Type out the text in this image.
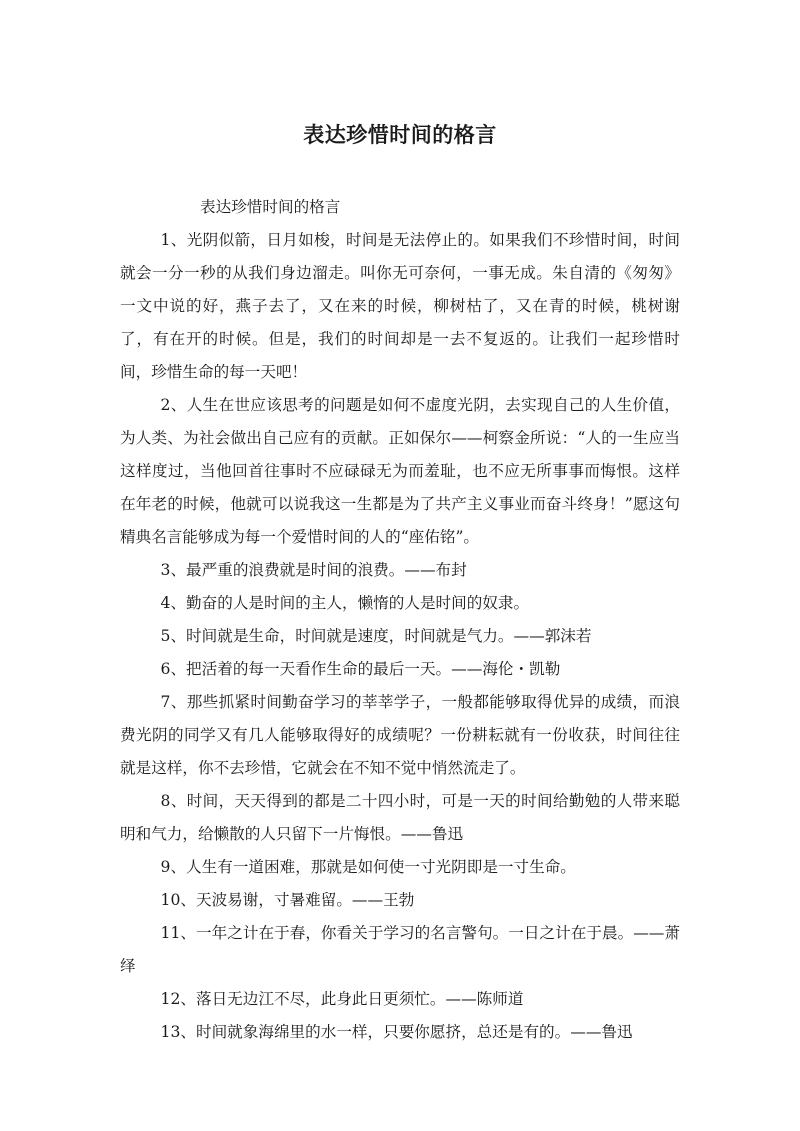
表达珍惜时间的格言

表达珍惜时间的格言

1、光阴似箭，日月如梭，时间是无法停止的。如果我们不珍惜时间，时间就会一分一秒的从我们身边溜走。叫你无可奈何，一事无成。朱自清的《匆匆》一文中说的好，燕子去了，又在来的时候，柳树枯了，又在青的时候，桃树谢了，有在开的时候。但是，我们的时间却是一去不复返的。让我们一起珍惜时间，珍惜生命的每一天吧！

2、人生在世应该思考的问题是如何不虚度光阴，去实现自己的人生价值，为人类、为社会做出自己应有的贡献。正如保尔——柯察金所说：“人的一生应当这样度过，当他回首往事时不应碌碌无为而羞耻，也不应无所事事而悔恨。这样在年老的时候，他就可以说我这一生都是为了共产主义事业而奋斗终身！”愿这句精典名言能够成为每一个爱惜时间的人的“座佑铭”。

3、最严重的浪费就是时间的浪费。——布封

4、勤奋的人是时间的主人，懒惰的人是时间的奴隶。

5、时间就是生命，时间就是速度，时间就是气力。——郭沫若

6、把活着的每一天看作生命的最后一天。——海伦・凯勒

7、那些抓紧时间勤奋学习的莘莘学子，一般都能够取得优异的成绩，而浪费光阴的同学又有几人能够取得好的成绩呢？一份耕耘就有一份收获，时间往往就是这样，你不去珍惜，它就会在不知不觉中悄然流走了。

8、时间，天天得到的都是二十四小时，可是一天的时间给勤勉的人带来聪明和气力，给懒散的人只留下一片悔恨。——鲁迅

9、人生有一道困难，那就是如何使一寸光阴即是一寸生命。

10、天波易谢，寸暑难留。——王勃

11、一年之计在于春，你看关于学习的名言警句。一日之计在于晨。——萧绎

12、落日无边江不尽，此身此日更须忙。——陈师道

13、时间就象海绵里的水一样，只要你愿挤，总还是有的。——鲁迅
